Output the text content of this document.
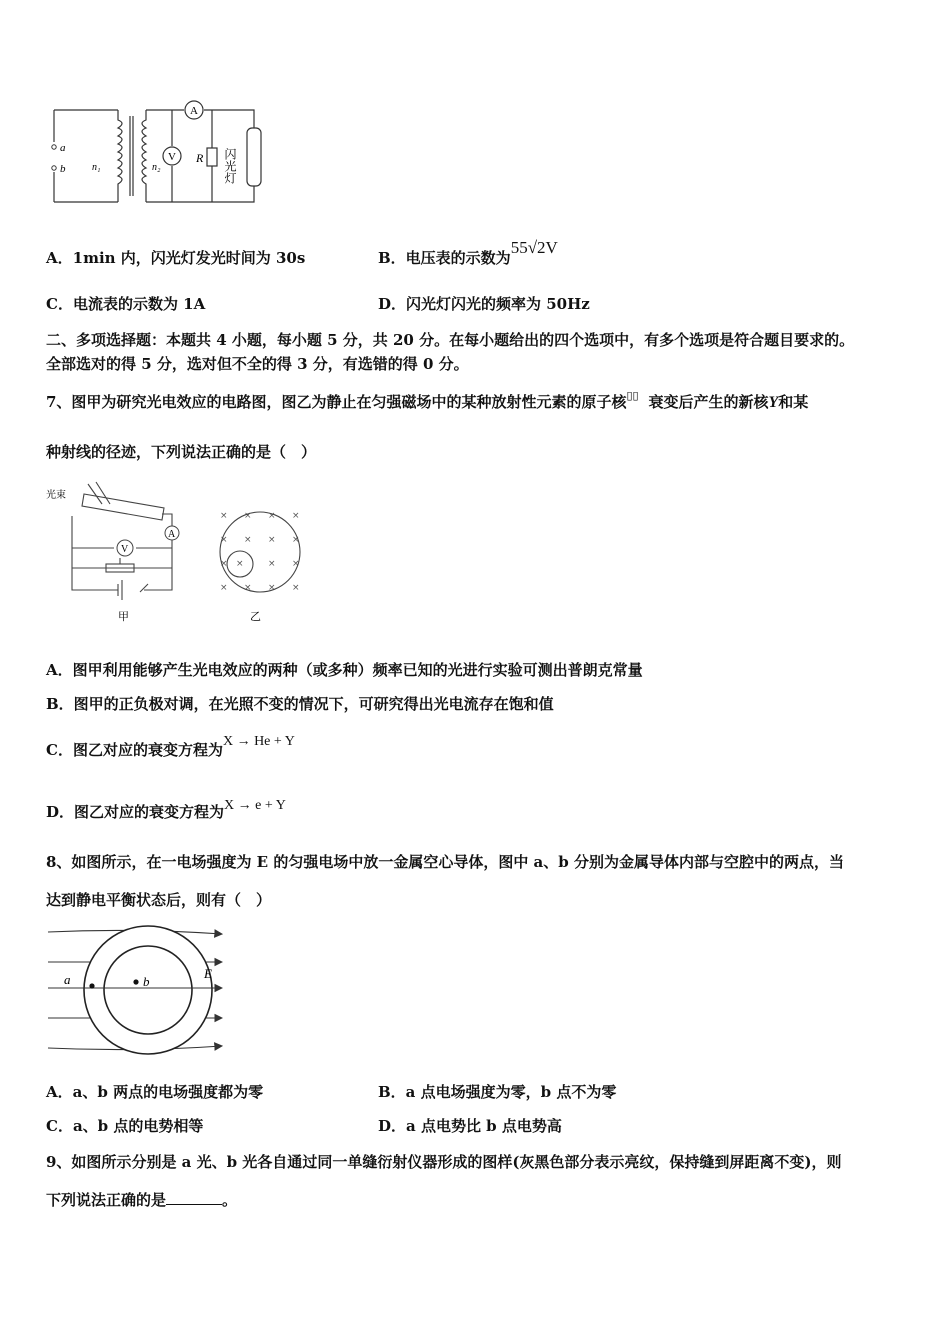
A
V
a
b	n₁	n₂
R 闪光灯
A．1min 内，闪光灯发光时间为 30s	B．电压表的示数为55√2V
C．电流表的示数为 1A	D．闪光灯闪光的频率为 50Hz
二、多项选择题：本题共 4 小题，每小题 5 分，共 20 分。在每小题给出的四个选项中，有多个选项是符合题目要求的。
全部选对的得 5 分，选对但不全的得 3 分，有选错的得 0 分。
7、图甲为研究光电效应的电路图，图乙为静止在匀强磁场中的某种放射性元素的原子核▯▯ 衰变后产生的新核Y和某
种射线的径迹，下列说法正确的是（　）
光束
A
V
甲
× × × ×
× × × ×
× ×	× ×
× × × ×
乙
A．图甲利用能够产生光电效应的两种（或多种）频率已知的光进行实验可测出普朗克常量
B．图甲的正负极对调，在光照不变的情况下，可研究得出光电流存在饱和值
C．图乙对应的衰变方程为X → He + Y
D．图乙对应的衰变方程为X → e + Y
8、如图所示，在一电场强度为 E 的匀强电场中放一金属空心导体，图中 a、b 分别为金属导体内部与空腔中的两点，当
达到静电平衡状态后，则有（　）
a	b
E
A．a、b 两点的电场强度都为零	B．a 点电场强度为零，b 点不为零
C．a、b 点的电势相等	D．a 点电势比 b 点电势高
9、如图所示分别是 a 光、b 光各自通过同一单缝衍射仪器形成的图样(灰黑色部分表示亮纹，保持缝到屏距离不变)，则
下列说法正确的是	。
